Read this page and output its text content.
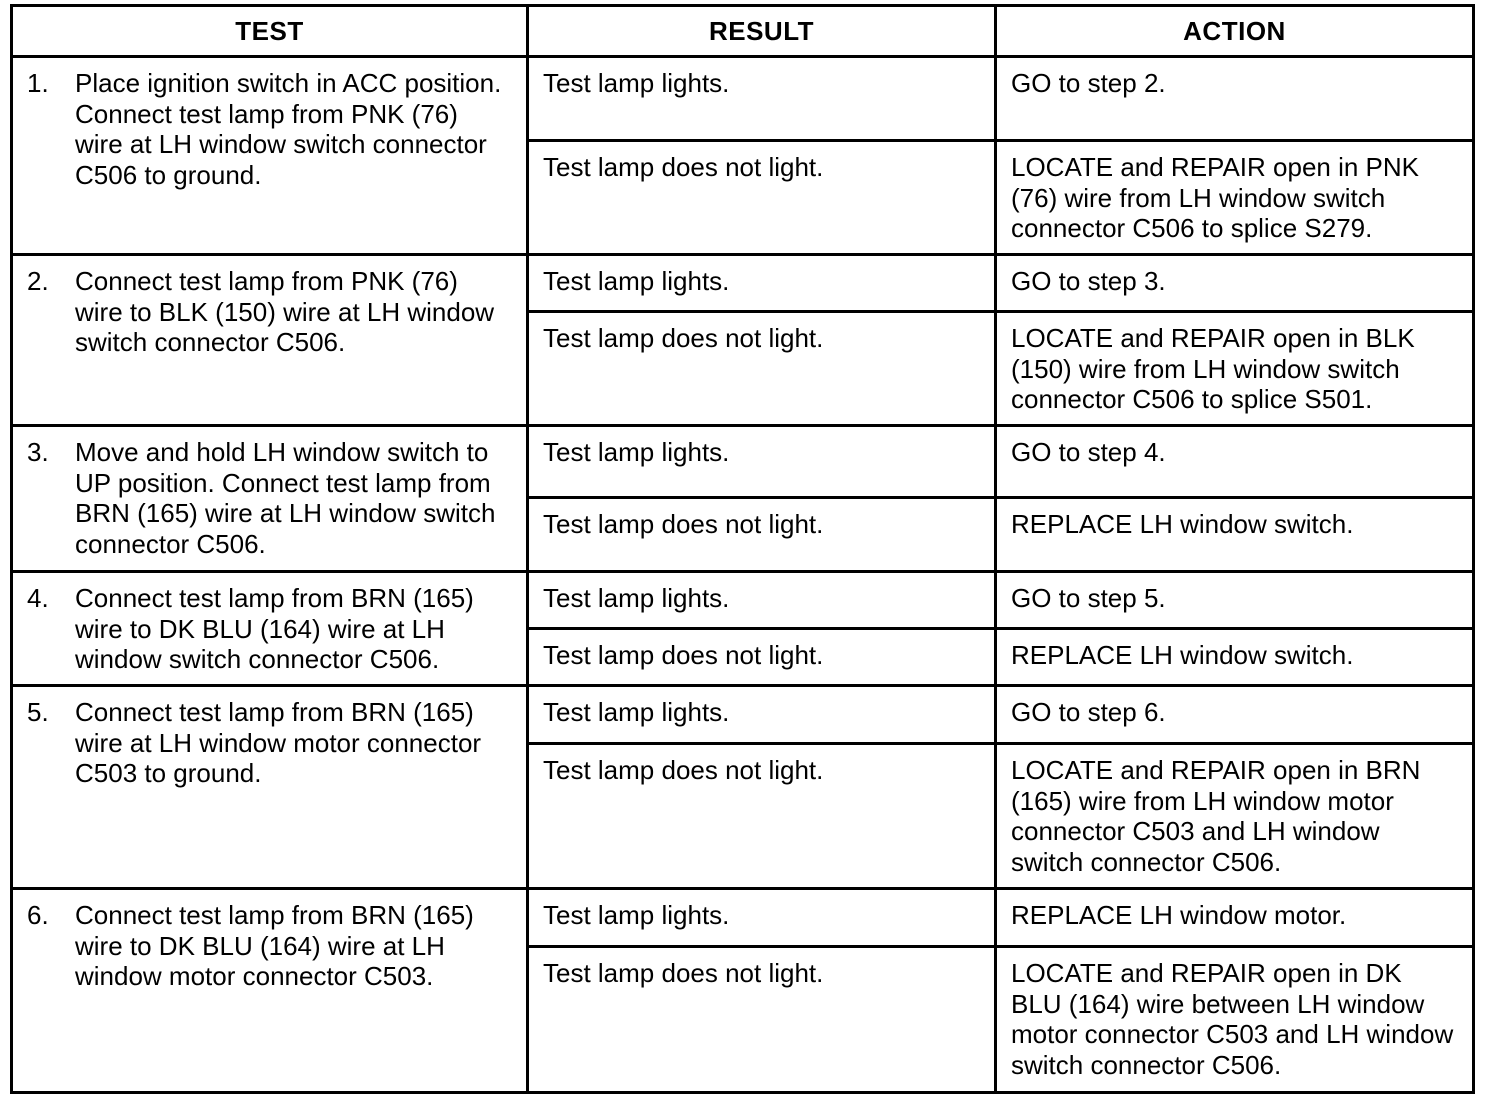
TEST	RESULT	ACTION

1. Place ignition switch in ACC position. Connect test lamp from PNK (76) wire at LH window switch connector C506 to ground.	Test lamp lights.	GO to step 2.
	Test lamp does not light.	LOCATE and REPAIR open in PNK (76) wire from LH window switch connector C506 to splice S279.

2. Connect test lamp from PNK (76) wire to BLK (150) wire at LH window switch connector C506.	Test lamp lights.	GO to step 3.
	Test lamp does not light.	LOCATE and REPAIR open in BLK (150) wire from LH window switch connector C506 to splice S501.

3. Move and hold LH window switch to UP position. Connect test lamp from BRN (165) wire at LH window switch connector C506.	Test lamp lights.	GO to step 4.
	Test lamp does not light.	REPLACE LH window switch.

4. Connect test lamp from BRN (165) wire to DK BLU (164) wire at LH window switch connector C506.	Test lamp lights.	GO to step 5.
	Test lamp does not light.	REPLACE LH window switch.

5. Connect test lamp from BRN (165) wire at LH window motor connector C503 to ground.	Test lamp lights.	GO to step 6.
	Test lamp does not light.	LOCATE and REPAIR open in BRN (165) wire from LH window motor connector C503 and LH window switch connector C506.

6. Connect test lamp from BRN (165) wire to DK BLU (164) wire at LH window motor connector C503.	Test lamp lights.	REPLACE LH window motor.
	Test lamp does not light.	LOCATE and REPAIR open in DK BLU (164) wire between LH window motor connector C503 and LH window switch connector C506.
